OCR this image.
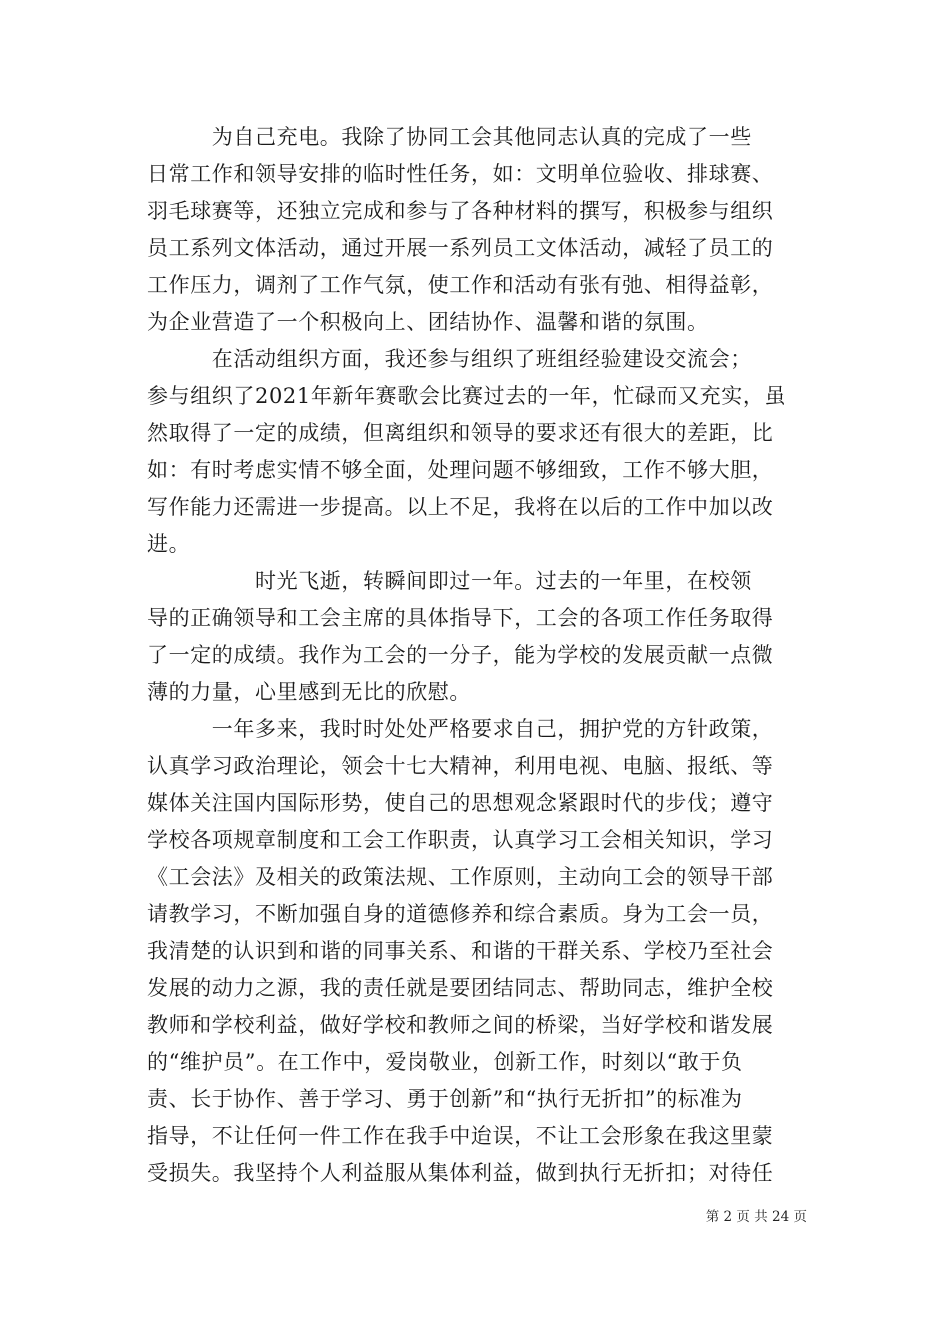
　　　为自己充电。我除了协同工会其他同志认真的完成了一些
日常工作和领导安排的临时性任务，如：文明单位验收、排球赛、
羽毛球赛等，还独立完成和参与了各种材料的撰写，积极参与组织
员工系列文体活动，通过开展一系列员工文体活动，减轻了员工的
工作压力，调剂了工作气氛，使工作和活动有张有弛、相得益彰，
为企业营造了一个积极向上、团结协作、温馨和谐的氛围。
　　　在活动组织方面，我还参与组织了班组经验建设交流会；
参与组织了2021年新年赛歌会比赛过去的一年，忙碌而又充实，虽
然取得了一定的成绩，但离组织和领导的要求还有很大的差距，比
如：有时考虑实情不够全面，处理问题不够细致，工作不够大胆，
写作能力还需进一步提高。以上不足，我将在以后的工作中加以改
进。
　　　　　时光飞逝，转瞬间即过一年。过去的一年里，在校领
导的正确领导和工会主席的具体指导下，工会的各项工作任务取得
了一定的成绩。我作为工会的一分子，能为学校的发展贡献一点微
薄的力量，心里感到无比的欣慰。
　　　一年多来，我时时处处严格要求自己，拥护党的方针政策，
认真学习政治理论，领会十七大精神，利用电视、电脑、报纸、等
媒体关注国内国际形势，使自己的思想观念紧跟时代的步伐；遵守
学校各项规章制度和工会工作职责，认真学习工会相关知识，学习
《工会法》及相关的政策法规、工作原则，主动向工会的领导干部
请教学习，不断加强自身的道德修养和综合素质。身为工会一员，
我清楚的认识到和谐的同事关系、和谐的干群关系、学校乃至社会
发展的动力之源，我的责任就是要团结同志、帮助同志，维护全校
教师和学校利益，做好学校和教师之间的桥梁，当好学校和谐发展
的“维护员”。在工作中，爱岗敬业，创新工作，时刻以“敢于负
责、长于协作、善于学习、勇于创新”和“执行无折扣”的标准为
指导，不让任何一件工作在我手中迨误，不让工会形象在我这里蒙
受损失。我坚持个人利益服从集体利益，做到执行无折扣；对待任
第 2 页 共 24 页
